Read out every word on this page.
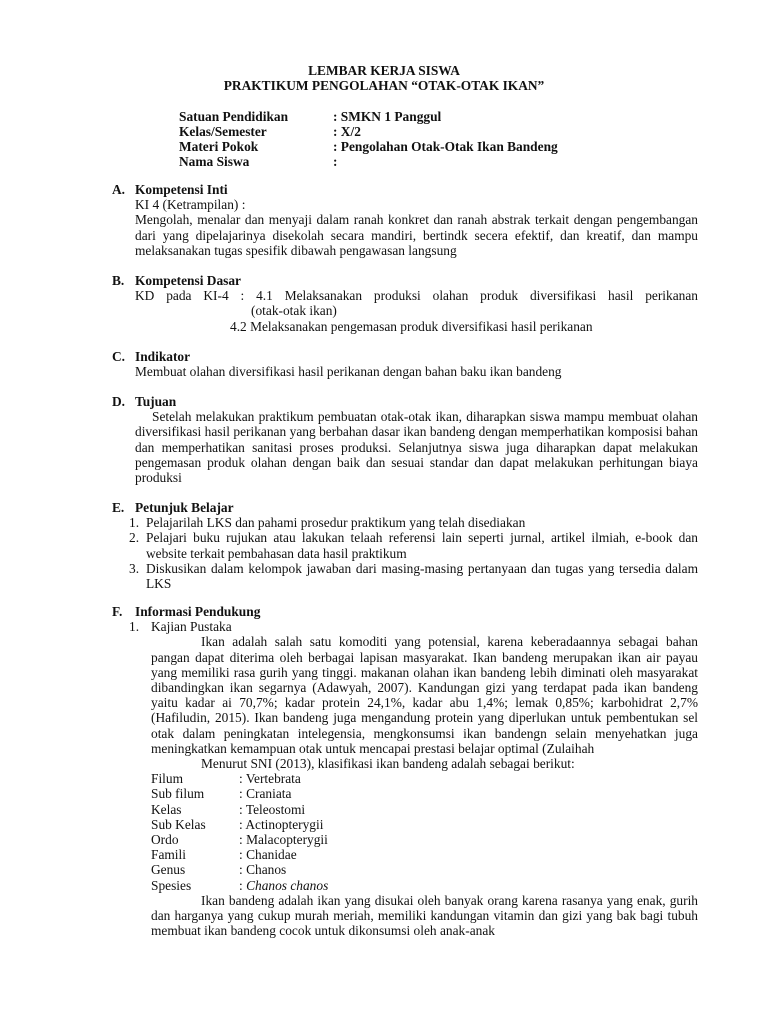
LEMBAR KERJA SISWA
PRAKTIKUM PENGOLAHAN “OTAK-OTAK IKAN”
Satuan Pendidikan	: SMKN 1 Panggul
Kelas/Semester	: X/2
Materi Pokok	: Pengolahan Otak-Otak Ikan Bandeng
Nama Siswa	:
A. Kompetensi Inti
KI 4 (Ketrampilan) :
Mengolah, menalar dan menyaji dalam ranah konkret dan ranah abstrak terkait dengan pengembangan dari yang dipelajarinya disekolah secara mandiri, bertindk secera efektif, dan kreatif, dan mampu melaksanakan tugas spesifik dibawah pengawasan langsung
B. Kompetensi Dasar
KD pada KI-4 : 4.1 Melaksanakan produksi olahan produk diversifikasi hasil perikanan
(otak-otak ikan)
4.2 Melaksanakan pengemasan produk diversifikasi hasil perikanan
C. Indikator
Membuat olahan diversifikasi hasil perikanan dengan bahan baku ikan bandeng
D. Tujuan
Setelah melakukan praktikum pembuatan otak-otak ikan, diharapkan siswa mampu membuat olahan diversifikasi hasil perikanan yang berbahan dasar ikan bandeng dengan memperhatikan komposisi bahan dan memperhatikan sanitasi proses produksi. Selanjutnya siswa juga diharapkan dapat melakukan pengemasan produk olahan dengan baik dan sesuai standar dan dapat melakukan perhitungan biaya produksi
E. Petunjuk Belajar
1. Pelajarilah LKS dan pahami prosedur praktikum yang telah disediakan
2. Pelajari buku rujukan atau lakukan telaah referensi lain seperti jurnal, artikel ilmiah, e-book dan website terkait pembahasan data hasil praktikum
3. Diskusikan dalam kelompok jawaban dari masing-masing pertanyaan dan tugas yang tersedia dalam LKS
F. Informasi Pendukung
1. Kajian Pustaka
Ikan adalah salah satu komoditi yang potensial, karena keberadaannya sebagai bahan pangan dapat diterima oleh berbagai lapisan masyarakat. Ikan bandeng merupakan ikan air payau yang memiliki rasa gurih yang tinggi. makanan olahan ikan bandeng lebih diminati oleh masyarakat dibandingkan ikan segarnya (Adawyah, 2007). Kandungan gizi yang terdapat pada ikan bandeng yaitu kadar ai 70,7%; kadar protein 24,1%, kadar abu 1,4%; lemak 0,85%; karbohidrat 2,7% (Hafiludin, 2015). Ikan bandeng juga mengandung protein yang diperlukan untuk pembentukan sel otak dalam peningkatan intelegensia, mengkonsumsi ikan bandengn selain menyehatkan juga meningkatkan kemampuan otak untuk mencapai prestasi belajar optimal (Zulaihah
Menurut SNI (2013), klasifikasi ikan bandeng adalah sebagai berikut:
Filum	: Vertebrata
Sub filum	: Craniata
Kelas	: Teleostomi
Sub Kelas	: Actinopterygii
Ordo	: Malacopterygii
Famili	: Chanidae
Genus	: Chanos
Spesies	: Chanos chanos
Ikan bandeng adalah ikan yang disukai oleh banyak orang karena rasanya yang enak, gurih dan harganya yang cukup murah meriah, memiliki kandungan vitamin dan gizi yang bak bagi tubuh membuat ikan bandeng cocok untuk dikonsumsi oleh anak-anak
